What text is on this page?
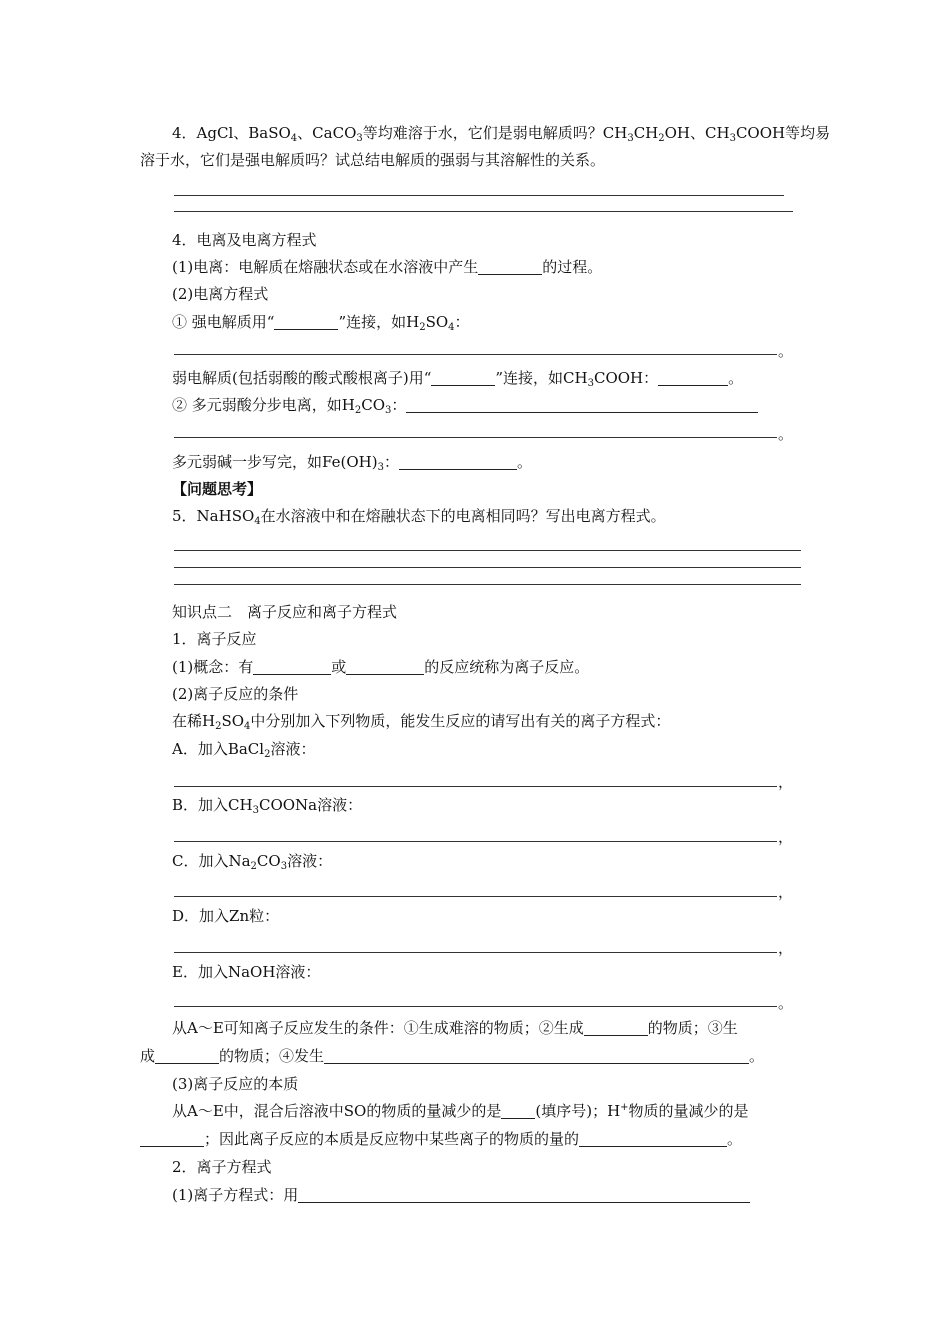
4．AgCl、BaSO$_4$、CaCO$_3$等均难溶于水，它们是弱电解质吗？$CH_3CH_2OH$、$CH_3COOH$等均易
溶于水，它们是强电解质吗？试总结电解质的强弱与其溶解性的关系。
4．电离及电离方程式
(1)电离：电解质在熔融状态或在水溶液中产生	的过程。
(2)电离方程式
① 强电解质用“	”连接，如$H_2SO_4$：
。
弱电解质(包括弱酸的酸式酸根离子)用“	”连接，如$CH_3COOH$：	。
② 多元弱酸分步电离，如$H_2CO_3$：
。
多元弱碱一步写完，如$Fe(OH)_3$：	。
【问题思考】
5．NaHSO$_4$在水溶液中和在熔融状态下的电离相同吗？写出电离方程式。
知识点二　离子反应和离子方程式
1．离子反应
(1)概念：有	或	的反应统称为离子反应。
(2)离子反应的条件
在稀$H_2SO_4$中分别加入下列物质，能发生反应的请写出有关的离子方程式：
A．加入BaCl$_2$溶液：
，
B．加入$CH_3COONa$溶液：
，
C．加入$Na_2CO_3$溶液：
，
D．加入Zn粒：
，
E．加入NaOH溶液：
。
从A～E可知离子反应发生的条件：①生成难溶的物质；②生成	的物质；③生
成	的物质；④发生	。
(3)离子反应的本质
从A～E中，混合后溶液中SO的物质的量减少的是 (填序号)；H+物质的量减少的是
；因此离子反应的本质是反应物中某些离子的物质的量的	。
2．离子方程式
(1)离子方程式：用
